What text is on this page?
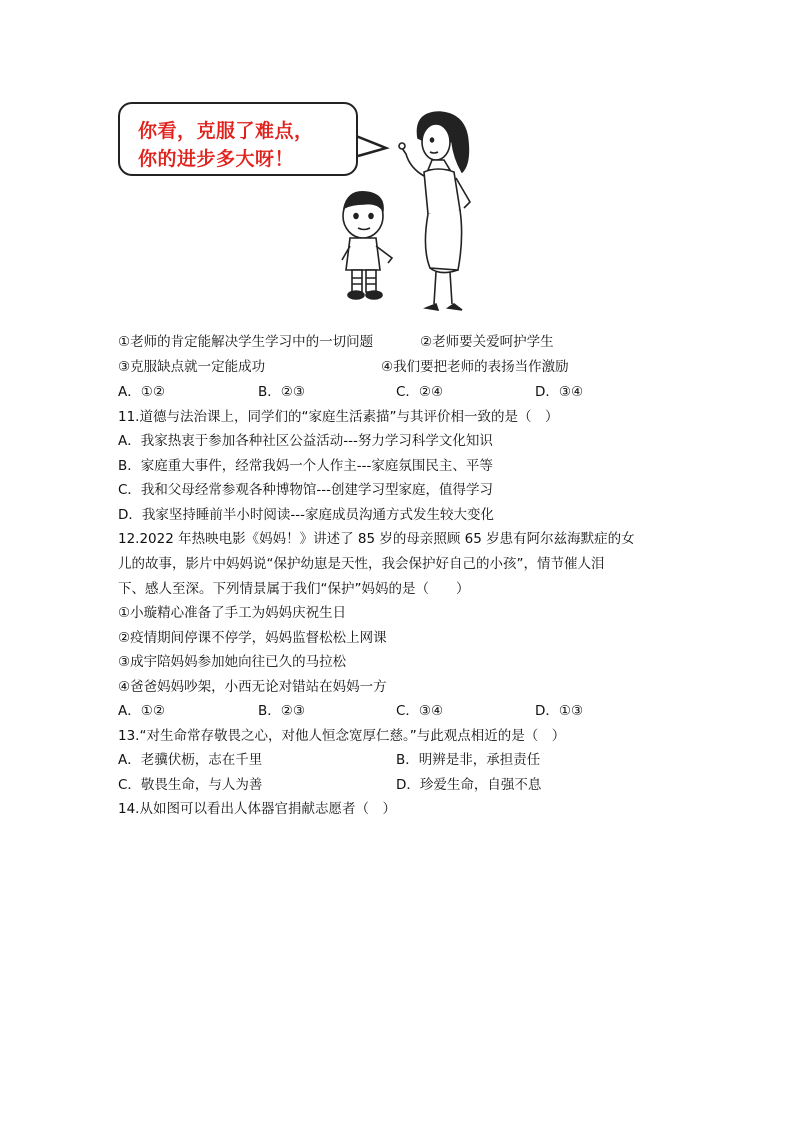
你看，克服了难点，
你的进步多大呀！
①老师的肯定能解决学生学习中的一切问题	②老师要关爱呵护学生
③克服缺点就一定能成功	④我们要把老师的表扬当作激励
A．①②	B．②③	C．②④	D．③④
11.道德与法治课上，同学们的“家庭生活素描”与其评价相一致的是（　）
A．我家热衷于参加各种社区公益活动---努力学习科学文化知识
B．家庭重大事件，经常我妈一个人作主---家庭氛围民主、平等
C．我和父母经常参观各种博物馆---创建学习型家庭，值得学习
D．我家坚持睡前半小时阅读---家庭成员沟通方式发生较大变化
12.2022 年热映电影《妈妈！》讲述了 85 岁的母亲照顾 65 岁患有阿尔兹海默症的女
儿的故事，影片中妈妈说“保护幼崽是天性，我会保护好自己的小孩”，情节催人泪
下、感人至深。下列情景属于我们“保护”妈妈的是（　　）
①小璇精心准备了手工为妈妈庆祝生日
②疫情期间停课不停学，妈妈监督松松上网课
③成宇陪妈妈参加她向往已久的马拉松
④爸爸妈妈吵架，小西无论对错站在妈妈一方
A．①②	B．②③	C．③④	D．①③
13.“对生命常存敬畏之心，对他人恒念宽厚仁慈。”与此观点相近的是（　）
A．老骥伏枥，志在千里	B．明辨是非，承担责任
C．敬畏生命，与人为善	D．珍爱生命，自强不息
14.从如图可以看出人体器官捐献志愿者（　）
